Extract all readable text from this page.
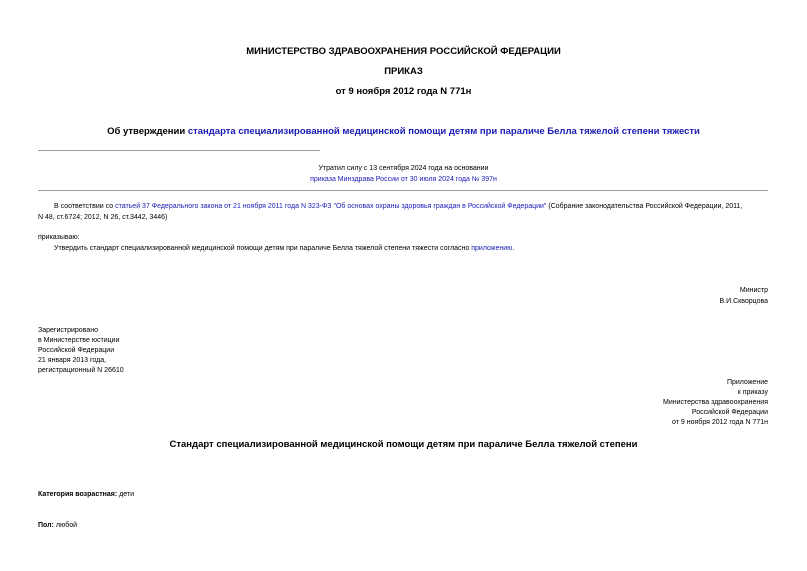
МИНИСТЕРСТВО ЗДРАВООХРАНЕНИЯ РОССИЙСКОЙ ФЕДЕРАЦИИ
ПРИКАЗ
от 9 ноября 2012 года N 771н
Об утверждении стандарта специализированной медицинской помощи детям при параличе Белла тяжелой степени тяжести
Утратил силу с 13 сентября 2024 года на основании
приказа Минздрава России от 30 июля 2024 года № 397н
В соответствии со статьей 37 Федерального закона от 21 ноября 2011 года N 323-ФЗ "Об основах охраны здоровья граждан в Российской Федерации" (Собрание законодательства Российской Федерации, 2011,
N 48, ст.6724; 2012, N 26, ст.3442, 3446)
приказываю:
Утвердить стандарт специализированной медицинской помощи детям при параличе Белла тяжелой степени тяжести согласно приложению.
Министр
В.И.Скворцова
Зарегистрировано
в Министерстве юстиции
Российской Федерации
21 января 2013 года,
регистрационный N 26610
Приложение
к приказу
Министерства здравоохранения
Российской Федерации
от 9 ноября 2012 года N 771н
Стандарт специализированной медицинской помощи детям при параличе Белла тяжелой степени
Категория возрастная: дети
Пол: любой
